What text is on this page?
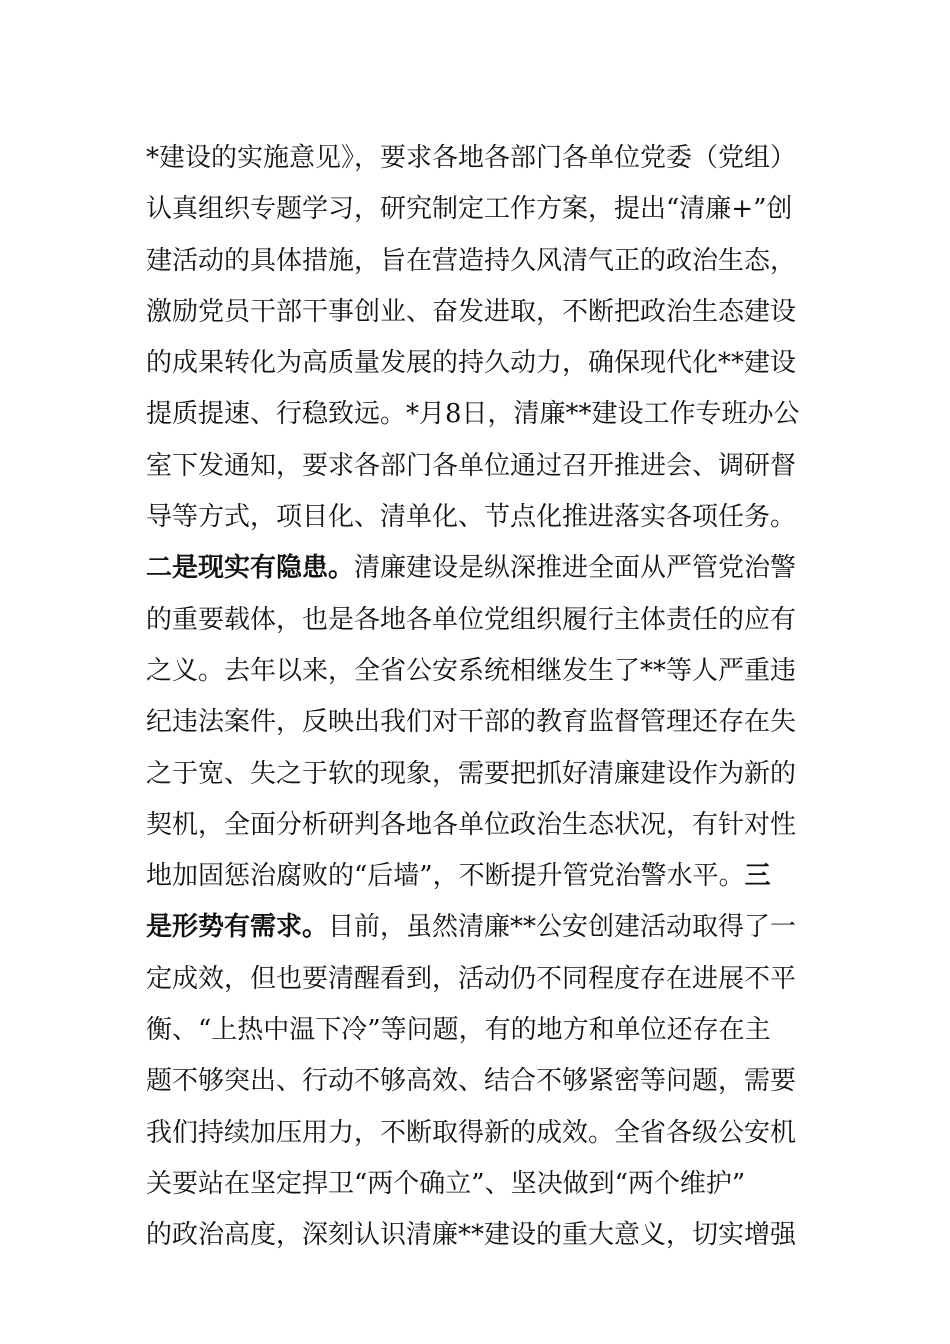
*建设的实施意见》，要求各地各部门各单位党委（党组）
认真组织专题学习，研究制定工作方案，提出“清廉+”创
建活动的具体措施，旨在营造持久风清气正的政治生态，
激励党员干部干事创业、奋发进取，不断把政治生态建设
的成果转化为高质量发展的持久动力，确保现代化**建设
提质提速、行稳致远。*月8日，清廉**建设工作专班办公
室下发通知，要求各部门各单位通过召开推进会、调研督
导等方式，项目化、清单化、节点化推进落实各项任务。
二是现实有隐患。清廉建设是纵深推进全面从严管党治警
的重要载体，也是各地各单位党组织履行主体责任的应有
之义。去年以来，全省公安系统相继发生了**等人严重违
纪违法案件，反映出我们对干部的教育监督管理还存在失
之于宽、失之于软的现象，需要把抓好清廉建设作为新的
契机，全面分析研判各地各单位政治生态状况，有针对性
地加固惩治腐败的“后墙”，不断提升管党治警水平。三
是形势有需求。目前，虽然清廉**公安创建活动取得了一
定成效，但也要清醒看到，活动仍不同程度存在进展不平
衡、“上热中温下冷”等问题，有的地方和单位还存在主
题不够突出、行动不够高效、结合不够紧密等问题，需要
我们持续加压用力，不断取得新的成效。全省各级公安机
关要站在坚定捍卫“两个确立”、坚决做到“两个维护”
的政治高度，深刻认识清廉**建设的重大意义，切实增强
